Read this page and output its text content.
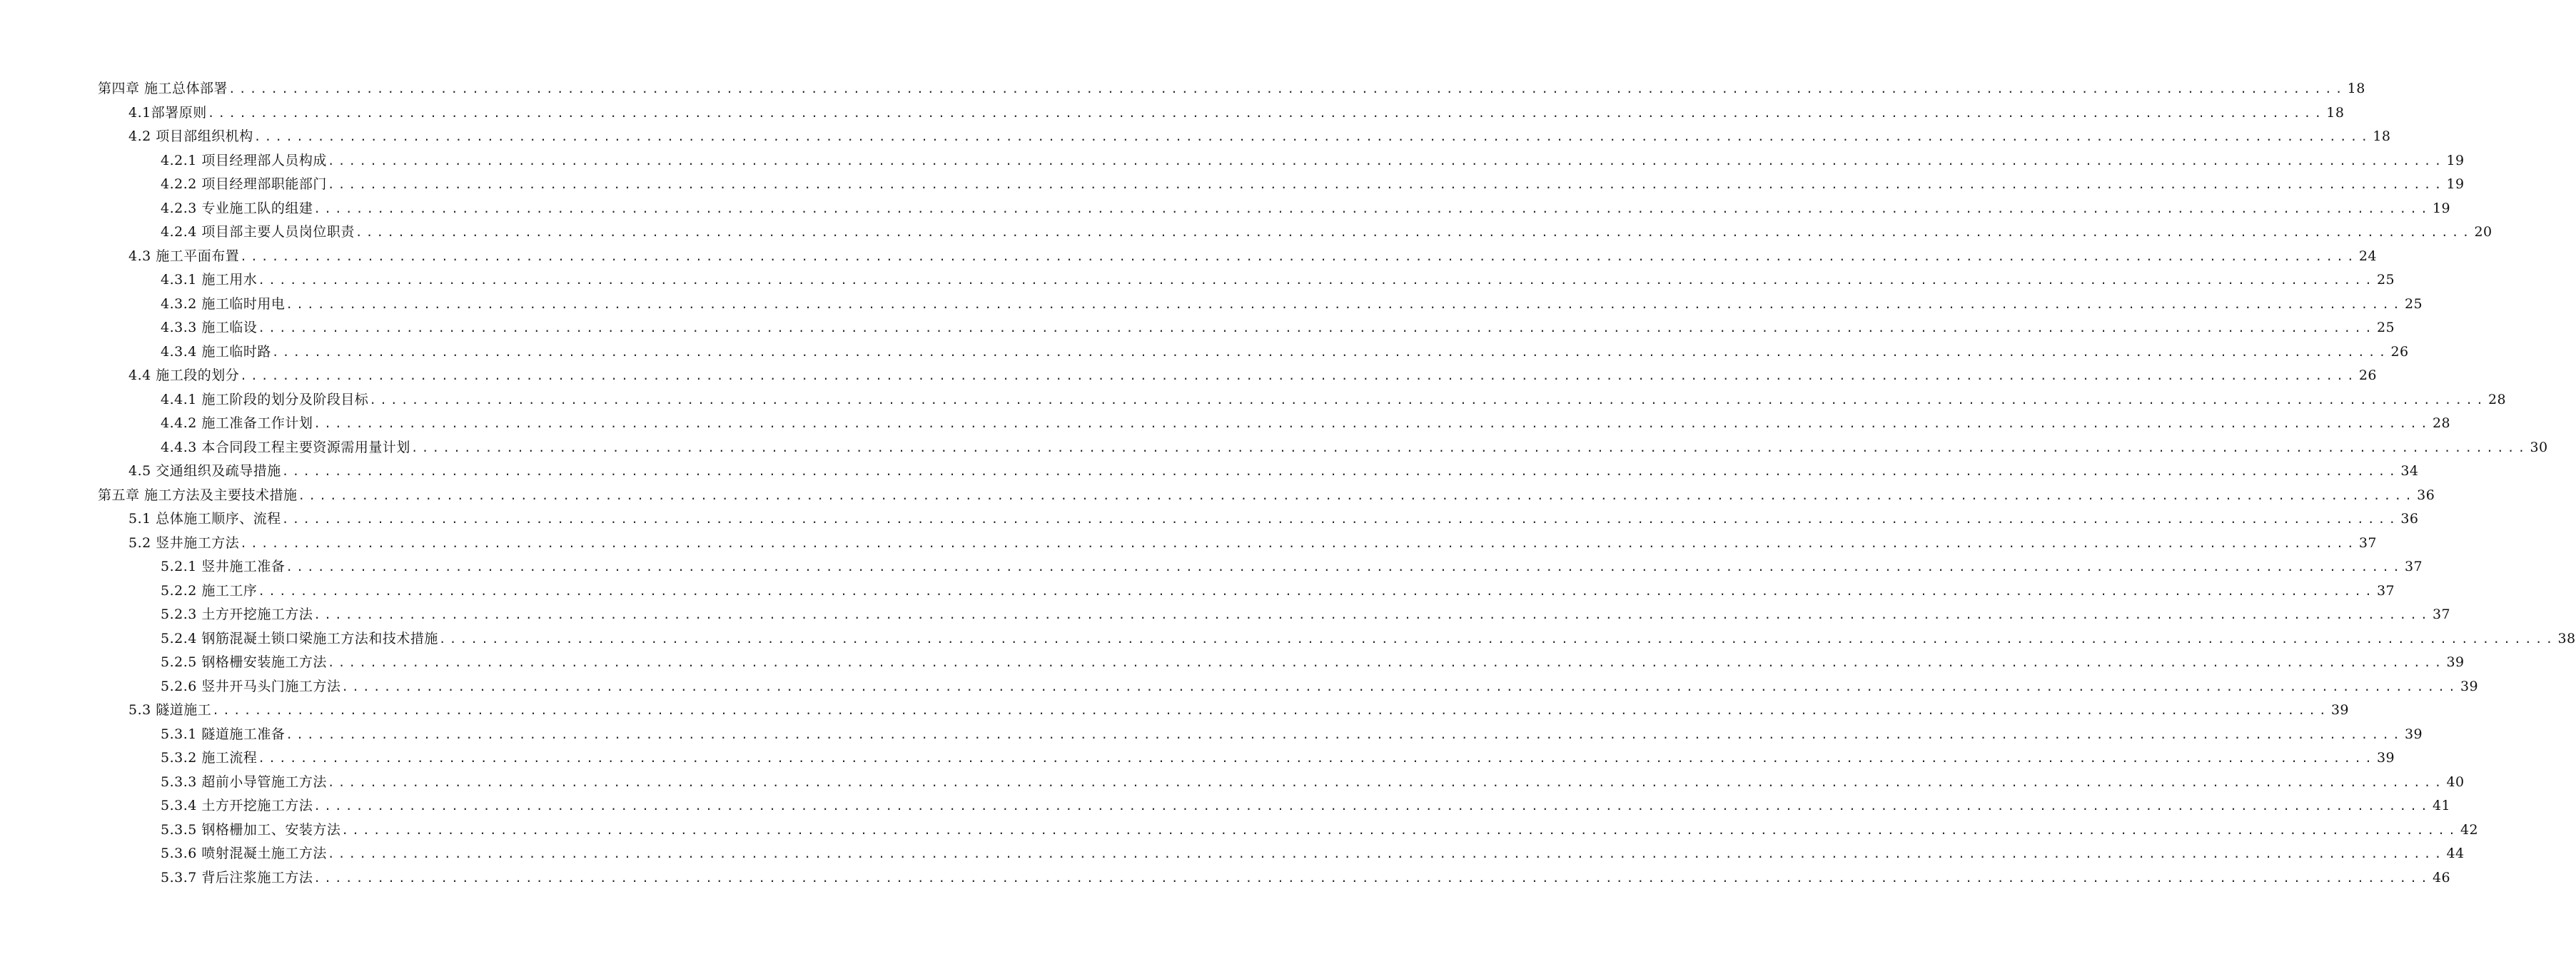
第四章 施工总体部署 ........................................................................................................................................................................................................ 18
4.1部署原则 ........................................................................................................................................................................................................ 18
4.2 项目部组织机构 ........................................................................................................................................................................................................ 18
4.2.1 项目经理部人员构成 ........................................................................................................................................................................................................ 19
4.2.2 项目经理部职能部门 ........................................................................................................................................................................................................ 19
4.2.3 专业施工队的组建 ........................................................................................................................................................................................................ 19
4.2.4 项目部主要人员岗位职责 ........................................................................................................................................................................................................ 20
4.3 施工平面布置 ........................................................................................................................................................................................................ 24
4.3.1 施工用水 ........................................................................................................................................................................................................ 25
4.3.2 施工临时用电 ........................................................................................................................................................................................................ 25
4.3.3 施工临设 ........................................................................................................................................................................................................ 25
4.3.4 施工临时路 ........................................................................................................................................................................................................ 26
4.4 施工段的划分 ........................................................................................................................................................................................................ 26
4.4.1 施工阶段的划分及阶段目标 ........................................................................................................................................................................................................ 28
4.4.2 施工准备工作计划 ........................................................................................................................................................................................................ 28
4.4.3 本合同段工程主要资源需用量计划 ........................................................................................................................................................................................................ 30
4.5 交通组织及疏导措施 ........................................................................................................................................................................................................ 34
第五章 施工方法及主要技术措施 ........................................................................................................................................................................................................ 36
5.1 总体施工顺序、流程 ........................................................................................................................................................................................................ 36
5.2 竖井施工方法 ........................................................................................................................................................................................................ 37
5.2.1 竖井施工准备 ........................................................................................................................................................................................................ 37
5.2.2 施工工序 ........................................................................................................................................................................................................ 37
5.2.3 土方开挖施工方法 ........................................................................................................................................................................................................ 37
5.2.4 钢筋混凝土锁口梁施工方法和技术措施 ........................................................................................................................................................................................................ 38
5.2.5 钢格栅安装施工方法 ........................................................................................................................................................................................................ 39
5.2.6 竖井开马头门施工方法 ........................................................................................................................................................................................................ 39
5.3 隧道施工 ........................................................................................................................................................................................................ 39
5.3.1 隧道施工准备 ........................................................................................................................................................................................................ 39
5.3.2 施工流程 ........................................................................................................................................................................................................ 39
5.3.3 超前小导管施工方法 ........................................................................................................................................................................................................ 40
5.3.4 土方开挖施工方法 ........................................................................................................................................................................................................ 41
5.3.5 钢格栅加工、安装方法 ........................................................................................................................................................................................................ 42
5.3.6 喷射混凝土施工方法 ........................................................................................................................................................................................................ 44
5.3.7 背后注浆施工方法 ........................................................................................................................................................................................................ 46
